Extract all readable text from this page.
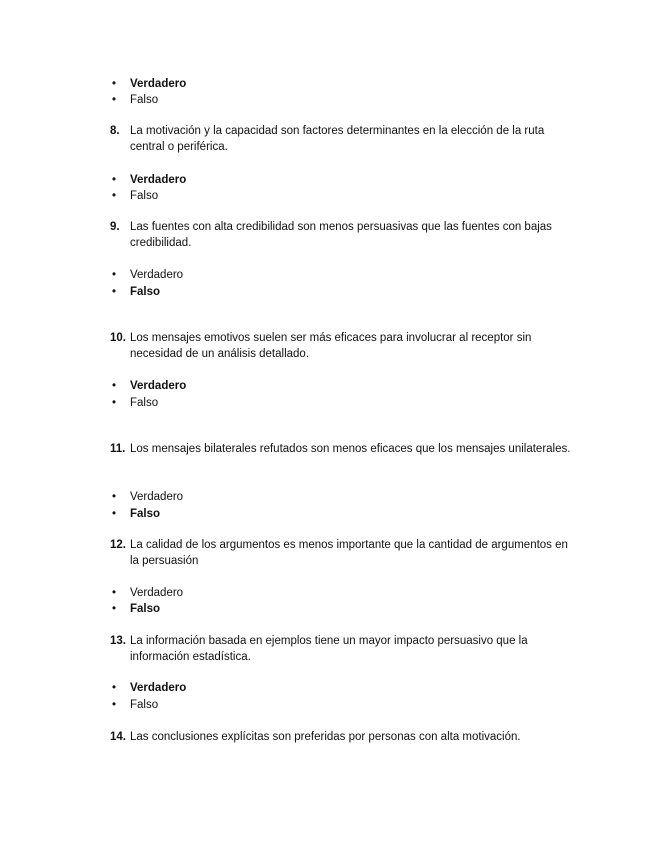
•	Verdadero
•	Falso
8. La motivación y la capacidad son factores determinantes en la elección de la ruta central o periférica.
•	Verdadero
•	Falso
9. Las fuentes con alta credibilidad son menos persuasivas que las fuentes con bajas credibilidad.
•	Verdadero
•	Falso
10. Los mensajes emotivos suelen ser más eficaces para involucrar al receptor sin necesidad de un análisis detallado.
•	Verdadero
•	Falso
11. Los mensajes bilaterales refutados son menos eficaces que los mensajes unilaterales.
•	Verdadero
•	Falso
12. La calidad de los argumentos es menos importante que la cantidad de argumentos en la persuasión
•	Verdadero
•	Falso
13. La información basada en ejemplos tiene un mayor impacto persuasivo que la información estadística.
•	Verdadero
•	Falso
14. Las conclusiones explícitas son preferidas por personas con alta motivación.
